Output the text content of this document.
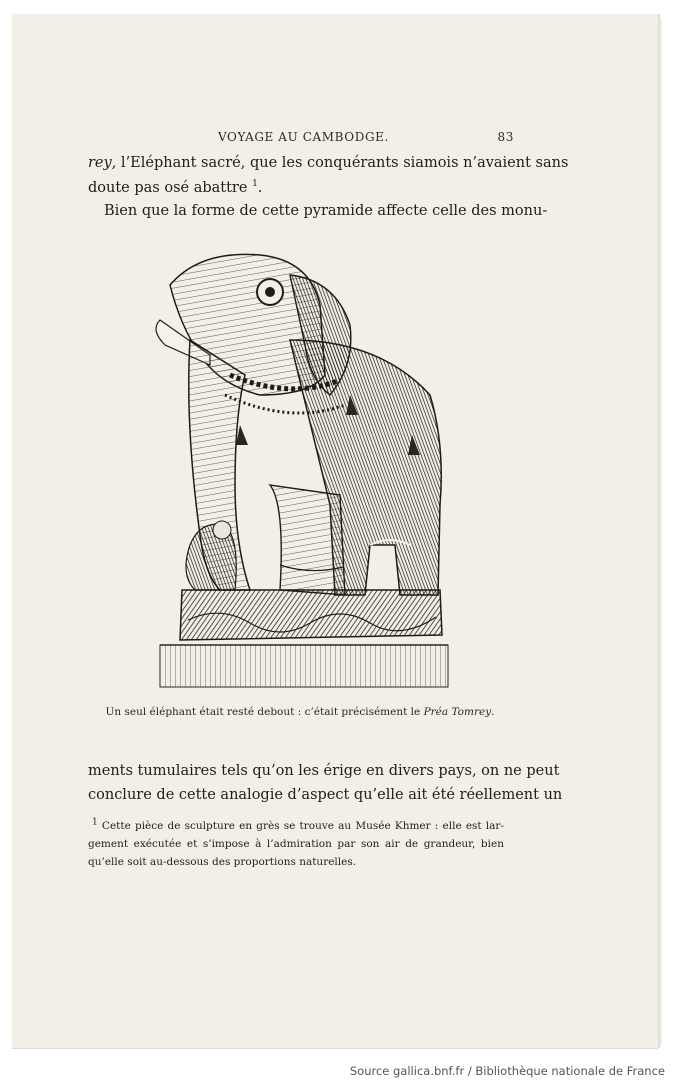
VOYAGE AU CAMBODGE.	83
rey, l’Eléphant sacré, que les conquérants siamois n’avaient sans
doute pas osé abattre $^1$.
Bien que la forme de cette pyramide affecte celle des monu-
Un seul éléphant était resté debout : c’était précisément le Préa Tomrey.
ments tumulaires tels qu’on les érige en divers pays, on ne peut
conclure de cette analogie d’aspect qu’elle ait été réellement un
$^1$ Cette pièce de sculpture en grès se trouve au Musée Khmer : elle est lar-
gement exécutée et s’impose à l’admiration par son air de grandeur, bien
qu’elle soit au-dessous des proportions naturelles.
Source gallica.bnf.fr / Bibliothèque nationale de France
